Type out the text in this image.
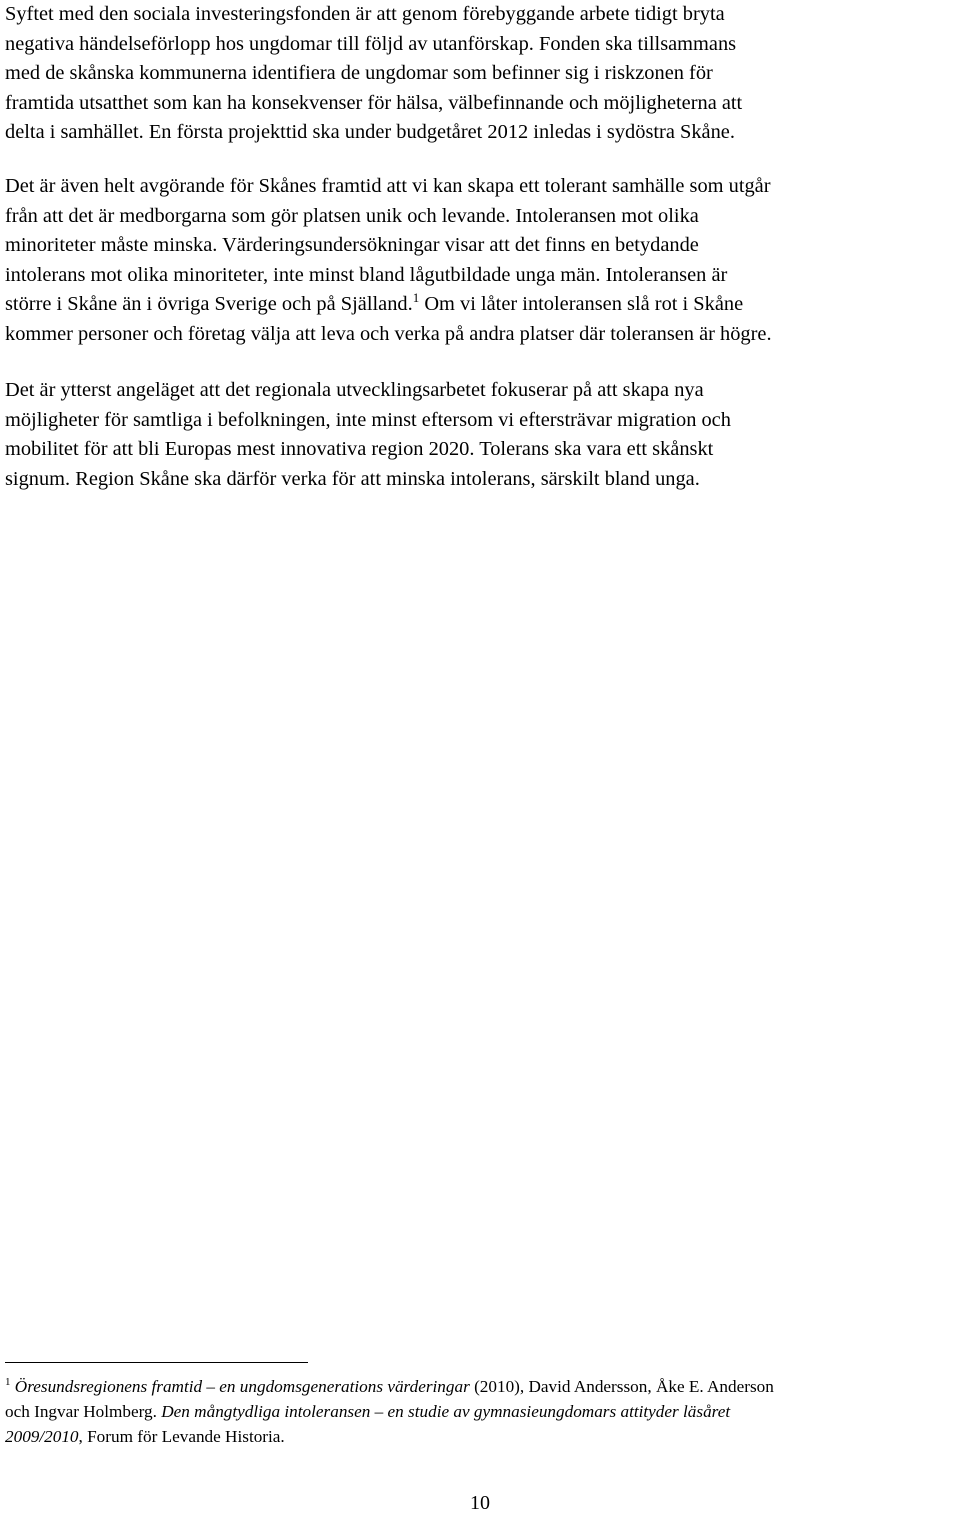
Syftet med den sociala investeringsfonden är att genom förebyggande arbete tidigt bryta
negativa händelseförlopp hos ungdomar till följd av utanförskap. Fonden ska tillsammans
med de skånska kommunerna identifiera de ungdomar som befinner sig i riskzonen för
framtida utsatthet som kan ha konsekvenser för hälsa, välbefinnande och möjligheterna att
delta i samhället. En första projekttid ska under budgetåret 2012 inledas i sydöstra Skåne.

Det är även helt avgörande för Skånes framtid att vi kan skapa ett tolerant samhälle som utgår
från att det är medborgarna som gör platsen unik och levande. Intoleransen mot olika
minoriteter måste minska. Värderingsundersökningar visar att det finns en betydande
intolerans mot olika minoriteter, inte minst bland lågutbildade unga män. Intoleransen är
större i Skåne än i övriga Sverige och på Själland.$^1$ Om vi låter intoleransen slå rot i Skåne
kommer personer och företag välja att leva och verka på andra platser där toleransen är högre.

Det är ytterst angeläget att det regionala utvecklingsarbetet fokuserar på att skapa nya
möjligheter för samtliga i befolkningen, inte minst eftersom vi eftersträvar migration och
mobilitet för att bli Europas mest innovativa region 2020. Tolerans ska vara ett skånskt
signum. Region Skåne ska därför verka för att minska intolerans, särskilt bland unga.

$^1$ Öresundsregionens framtid – en ungdomsgenerations värderingar (2010), David Andersson, Åke E. Anderson
och Ingvar Holmberg. Den mångtydliga intoleransen – en studie av gymnasieungdomars attityder läsåret
2009/2010, Forum för Levande Historia.

10
